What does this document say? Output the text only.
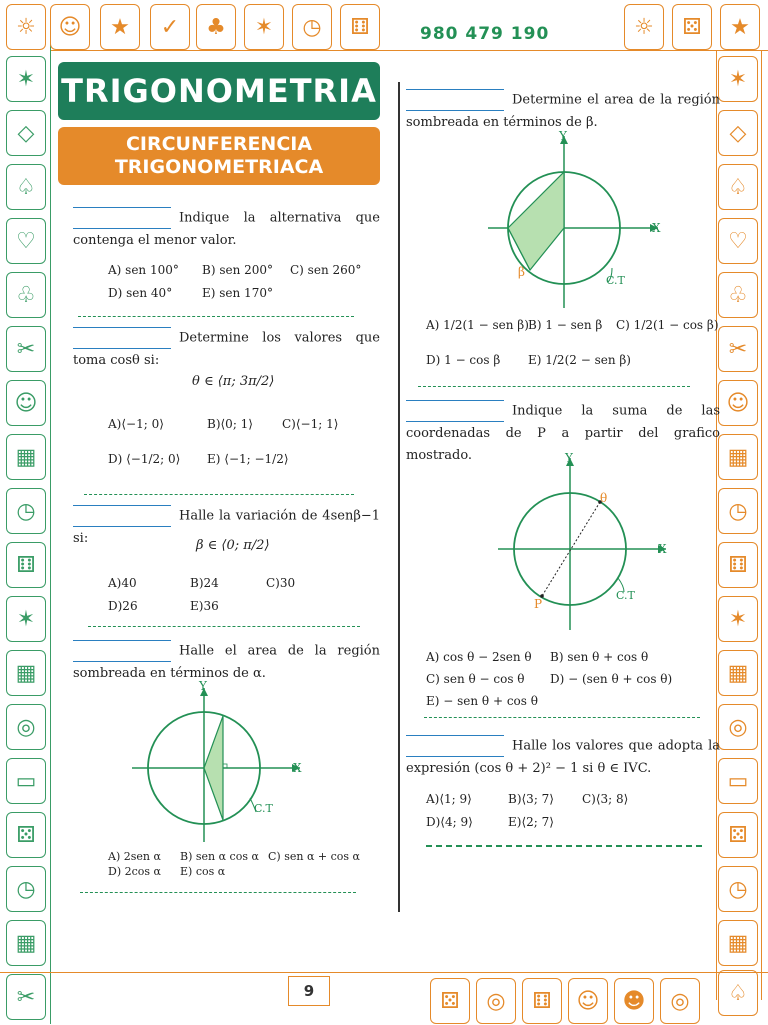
☼	☺	★	✓	♣	✶	◷	⚅	☼	⚄	★
✶
◇
♤
♡
♧
✂
☺
▦
◷
⚅
✶
▦
◎
▭
⚄
◷
▦
✂
✶
◇
♤
♡
♧
✂
☺
▦
◷
⚅
✶
▦
◎
▭
⚄
◷
▦
⚄	◎	⚅	☺	☻	◎	♤
980 479 190
TRIGONOMETRIA
CIRCUNFERENCIA
TRIGONOMETRIACA
Indique la alternativa que contenga el menor valor.
A) sen 100° B) sen 200° C) sen 260°
D) sen 40° E) sen 170°
Determine los valores que toma cosθ si:
θ ∈ ⟨π; 3π/2⟩
A)⟨−1; 0⟩	B)⟨0; 1⟩ C)⟨−1; 1⟩
D) ⟨−1/2; 0⟩ E) ⟨−1; −1/2⟩
Halle la variación de 4senβ−1 si:	β ∈ ⟨0; π/2⟩
A)40	B)24	C)30
D)26	E)36
Halle el area de la región sombreada en términos de α.
Y
X
C.T
A) 2sen α B) sen α cos α C) sen α + cos α
D) 2cos α E) cos α
Determine el area de la región sombreada en términos de β.
Y
X
β
C.T
A) 1/2(1 − sen β) B) 1 − sen β C) 1/2(1 − cos β)
D) 1 − cos β E) 1/2(2 − sen β)
Indique la suma de las coordenadas de P a partir del grafico mostrado.	Y
X
θ
P
C.T
A) cos θ − 2sen θ B) sen θ + cos θ
C) sen θ − cos θ D) − (sen θ + cos θ)
E) − sen θ + cos θ
Halle los valores que adopta la expresión (cos θ + 2)² − 1 si θ ∈ IVC.
A)⟨1; 9⟩	B)⟨3; 7⟩ C)⟨3; 8⟩
D)⟨4; 9⟩	E)⟨2; 7⟩
9
